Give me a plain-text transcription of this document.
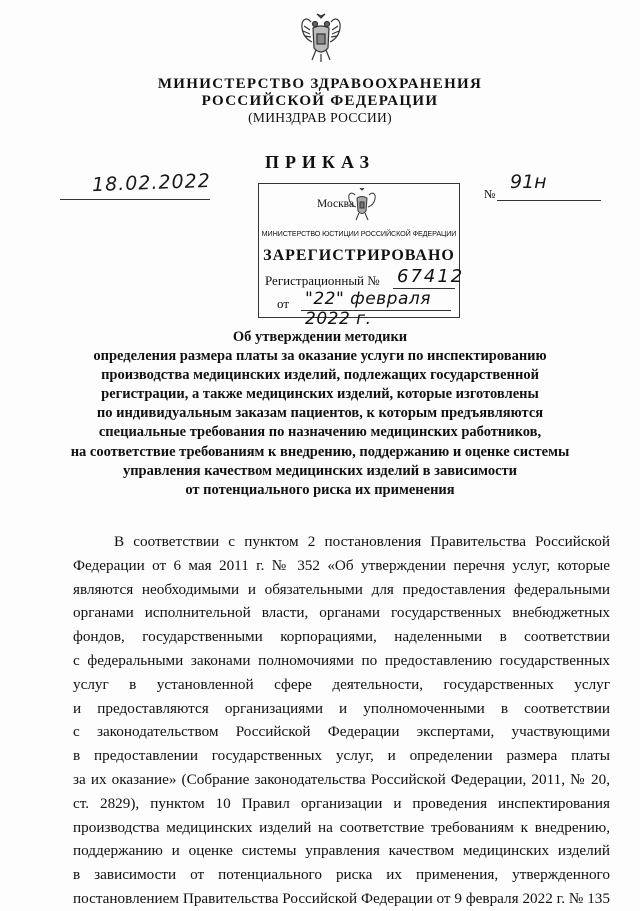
МИНИСТЕРСТВО ЗДРАВООХРАНЕНИЯ
РОССИЙСКОЙ ФЕДЕРАЦИИ
(МИНЗДРАВ РОССИИ)
ПРИКАЗ
18.02.2022	№
91н
Москва
МИНИСТЕРСТВО ЮСТИЦИИ РОССИЙСКОЙ ФЕДЕРАЦИИ
ЗАРЕГИСТРИРОВАНО
Регистрационный № 67412
от "22" февраля 2022 г.
Об утверждении методики
определения размера платы за оказание услуги по инспектированию
производства медицинских изделий, подлежащих государственной
регистрации, а также медицинских изделий, которые изготовлены
по индивидуальным заказам пациентов, к которым предъявляются
специальные требования по назначению медицинских работников,
на соответствие требованиям к внедрению, поддержанию и оценке системы
управления качеством медицинских изделий в зависимости
от потенциального риска их применения
В соответствии с пунктом 2 постановления Правительства Российской
Федерации от 6 мая 2011 г. № 352 «Об утверждении перечня услуг, которые
являются необходимыми и обязательными для предоставления федеральными
органами исполнительной власти, органами государственных внебюджетных
фондов, государственными корпорациями, наделенными в соответствии
с федеральными законами полномочиями по предоставлению государственных
услуг в установленной сфере деятельности, государственных услуг
и предоставляются организациями и уполномоченными в соответствии
с законодательством Российской Федерации экспертами, участвующими
в предоставлении государственных услуг, и определении размера платы
за их оказание» (Собрание законодательства Российской Федерации, 2011, № 20,
ст. 2829), пунктом 10 Правил организации и проведения инспектирования
производства медицинских изделий на соответствие требованиям к внедрению,
поддержанию и оценке системы управления качеством медицинских изделий
в зависимости от потенциального риска их применения, утвержденного
постановлением Правительства Российской Федерации от 9 февраля 2022 г. № 135
